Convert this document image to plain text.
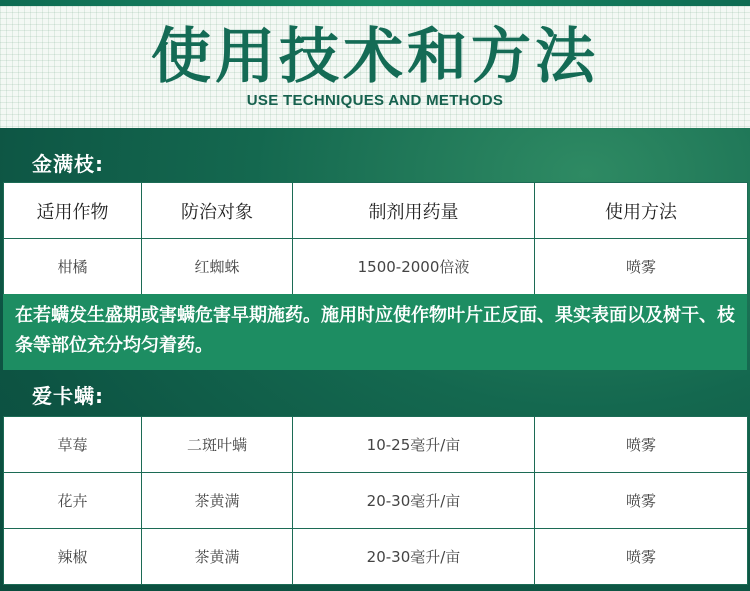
使用技术和方法
USE TECHNIQUES AND METHODS
金满枝:
适用作物	防治对象	制剂用药量	使用方法
柑橘	红蜘蛛	1500-2000倍液	喷雾
在若螨发生盛期或害螨危害早期施药。施用时应使作物叶片正反面、果实表面以及树干、枝条等部位充分均匀着药。
爱卡螨:
草莓	二斑叶螨	10-25毫升/亩	喷雾
花卉	茶黄满	20-30毫升/亩	喷雾
辣椒	茶黄满	20-30毫升/亩	喷雾
